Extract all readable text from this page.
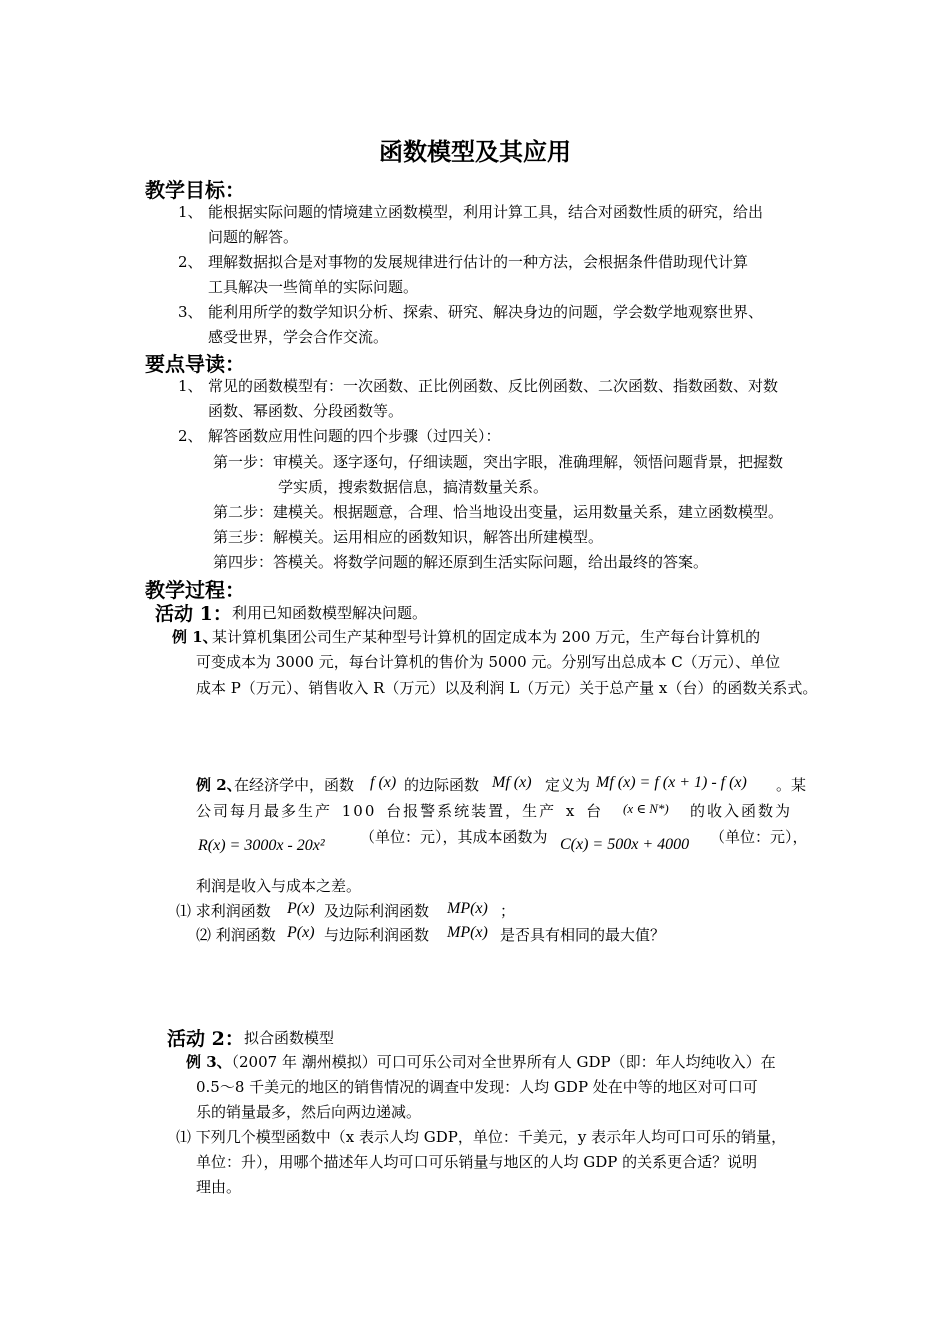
函数模型及其应用
教学目标：
1、 能根据实际问题的情境建立函数模型，利用计算工具，结合对函数性质的研究，给出
问题的解答。
2、 理解数据拟合是对事物的发展规律进行估计的一种方法，会根据条件借助现代计算
工具解决一些简单的实际问题。
3、 能利用所学的数学知识分析、探索、研究、解决身边的问题，学会数学地观察世界、
感受世界，学会合作交流。
要点导读：
1、 常见的函数模型有：一次函数、正比例函数、反比例函数、二次函数、指数函数、对数
函数、幂函数、分段函数等。
2、 解答函数应用性问题的四个步骤（过四关）：
第一步：审模关。逐字逐句，仔细读题，突出字眼，准确理解，领悟问题背景，把握数
学实质，搜索数据信息，搞清数量关系。
第二步：建模关。根据题意，合理、恰当地设出变量，运用数量关系，建立函数模型。
第三步：解模关。运用相应的函数知识，解答出所建模型。
第四步：答模关。将数学问题的解还原到生活实际问题，给出最终的答案。
教学过程：
活动 1： 利用已知函数模型解决问题。
例 1、
某计算机集团公司生产某种型号计算机的固定成本为 200 万元，生产每台计算机的
可变成本为 3000 元，每台计算机的售价为 5000 元。分别写出总成本 C（万元）、单位
成本 P（万元）、销售收入 R（万元）以及利润 L（万元）关于总产量 x（台）的函数关系式。
例 2、
在经济学中，函数 f (x) 的边际函数 Mf (x) 定义为 Mf (x) = f (x + 1) - f (x) 。某
公司每月最多生产 100 台报警系统装置，生产 x 台 (x ∈ N*) 的收入函数为
R(x) = 3000x - 20x² （单位：元），其成本函数为 C(x) = 500x + 4000 （单位：元），
利润是收入与成本之差。
⑴ 求利润函数 P(x) 及边际利润函数 MP(x) ；
⑵ 利润函数 P(x) 与边际利润函数 MP(x) 是否具有相同的最大值？
活动 2： 拟合函数模型
例 3、
（2007 年 潮州模拟）可口可乐公司对全世界所有人 GDP（即：年人均纯收入）在
0.5～8 千美元的地区的销售情况的调查中发现：人均 GDP 处在中等的地区对可口可
乐的销量最多，然后向两边递减。
⑴ 下列几个模型函数中（x 表示人均 GDP，单位：千美元，y 表示年人均可口可乐的销量，
单位：升），用哪个描述年人均可口可乐销量与地区的人均 GDP 的关系更合适？说明
理由。
